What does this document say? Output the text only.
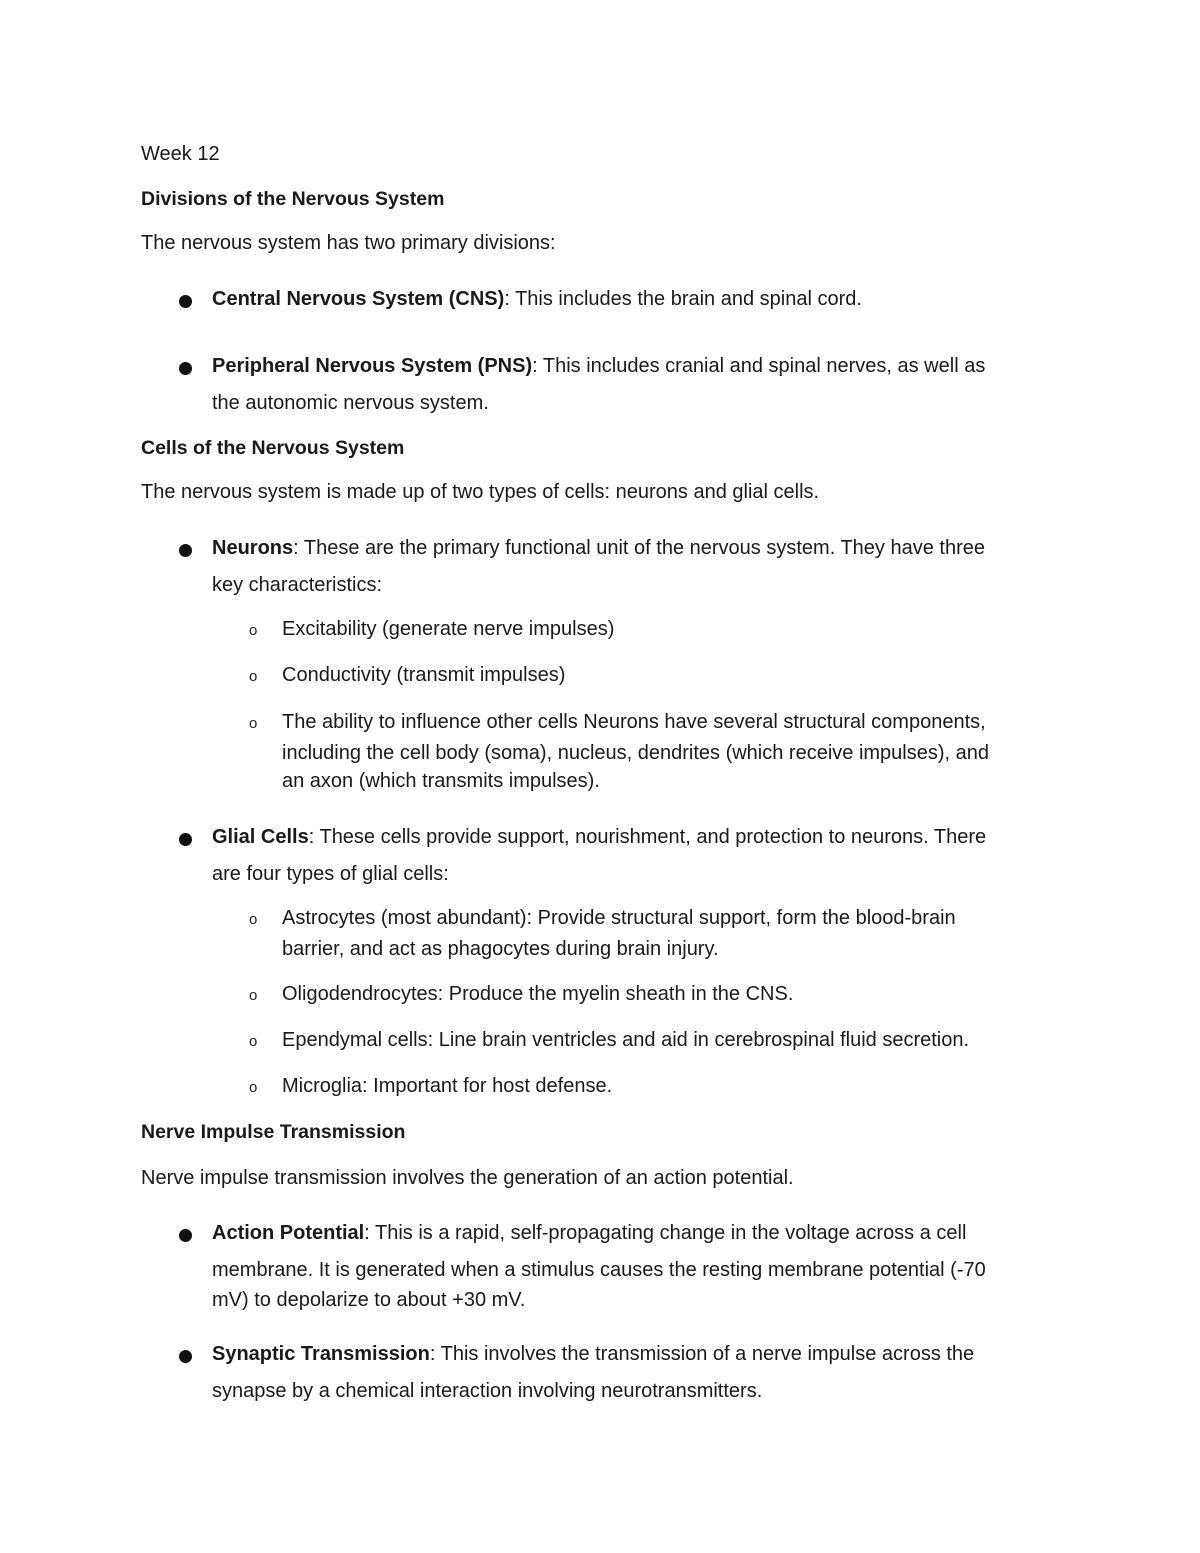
Week 12
Divisions of the Nervous System
The nervous system has two primary divisions:
Central Nervous System (CNS): This includes the brain and spinal cord.
Peripheral Nervous System (PNS): This includes cranial and spinal nerves, as well as
the autonomic nervous system.
Cells of the Nervous System
The nervous system is made up of two types of cells: neurons and glial cells.
Neurons: These are the primary functional unit of the nervous system. They have three
key characteristics:
o Excitability (generate nerve impulses)
o Conductivity (transmit impulses)
o The ability to influence other cells Neurons have several structural components,
including the cell body (soma), nucleus, dendrites (which receive impulses), and
an axon (which transmits impulses).
Glial Cells: These cells provide support, nourishment, and protection to neurons. There
are four types of glial cells:
o Astrocytes (most abundant): Provide structural support, form the blood-brain
barrier, and act as phagocytes during brain injury.
o Oligodendrocytes: Produce the myelin sheath in the CNS.
o Ependymal cells: Line brain ventricles and aid in cerebrospinal fluid secretion.
o Microglia: Important for host defense.
Nerve Impulse Transmission
Nerve impulse transmission involves the generation of an action potential.
Action Potential: This is a rapid, self-propagating change in the voltage across a cell
membrane. It is generated when a stimulus causes the resting membrane potential (-70
mV) to depolarize to about +30 mV.
Synaptic Transmission: This involves the transmission of a nerve impulse across the
synapse by a chemical interaction involving neurotransmitters.
